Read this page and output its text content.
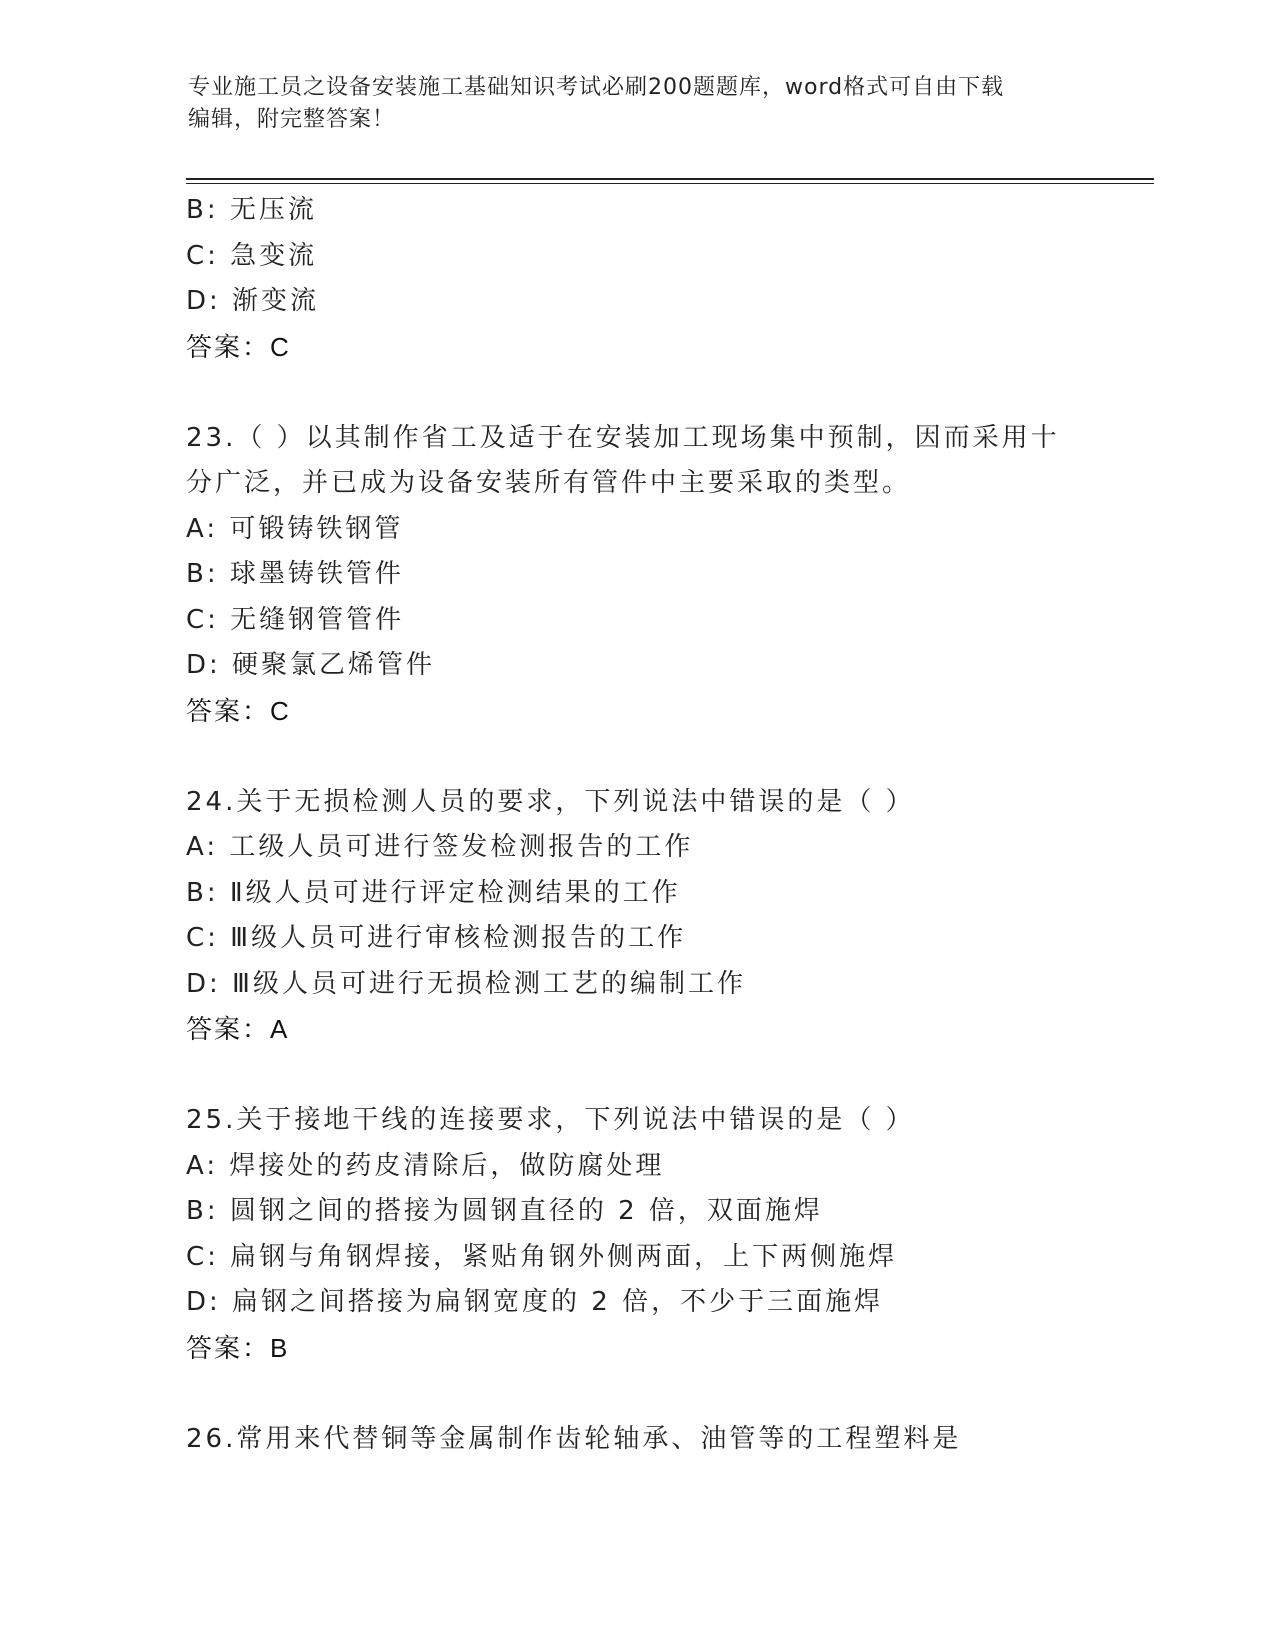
专业施工员之设备安装施工基础知识考试必刷200题题库，word格式可自由下载
编辑，附完整答案！
B: 无压流
C: 急变流
D: 渐变流
答案：C
23.（ ）以其制作省工及适于在安装加工现场集中预制，因而采用十
分广泛，并已成为设备安装所有管件中主要采取的类型。
A: 可锻铸铁钢管
B: 球墨铸铁管件
C: 无缝钢管管件
D: 硬聚氯乙烯管件
答案：C
24.关于无损检测人员的要求，下列说法中错误的是（ ）
A: 工级人员可进行签发检测报告的工作
B: Ⅱ级人员可进行评定检测结果的工作
C: Ⅲ级人员可进行审核检测报告的工作
D: Ⅲ级人员可进行无损检测工艺的编制工作
答案：A
25.关于接地干线的连接要求，下列说法中错误的是（ ）
A: 焊接处的药皮清除后，做防腐处理
B: 圆钢之间的搭接为圆钢直径的 2 倍，双面施焊
C: 扁钢与角钢焊接，紧贴角钢外侧两面，上下两侧施焊
D: 扁钢之间搭接为扁钢宽度的 2 倍，不少于三面施焊
答案：B
26.常用来代替铜等金属制作齿轮轴承、油管等的工程塑料是
